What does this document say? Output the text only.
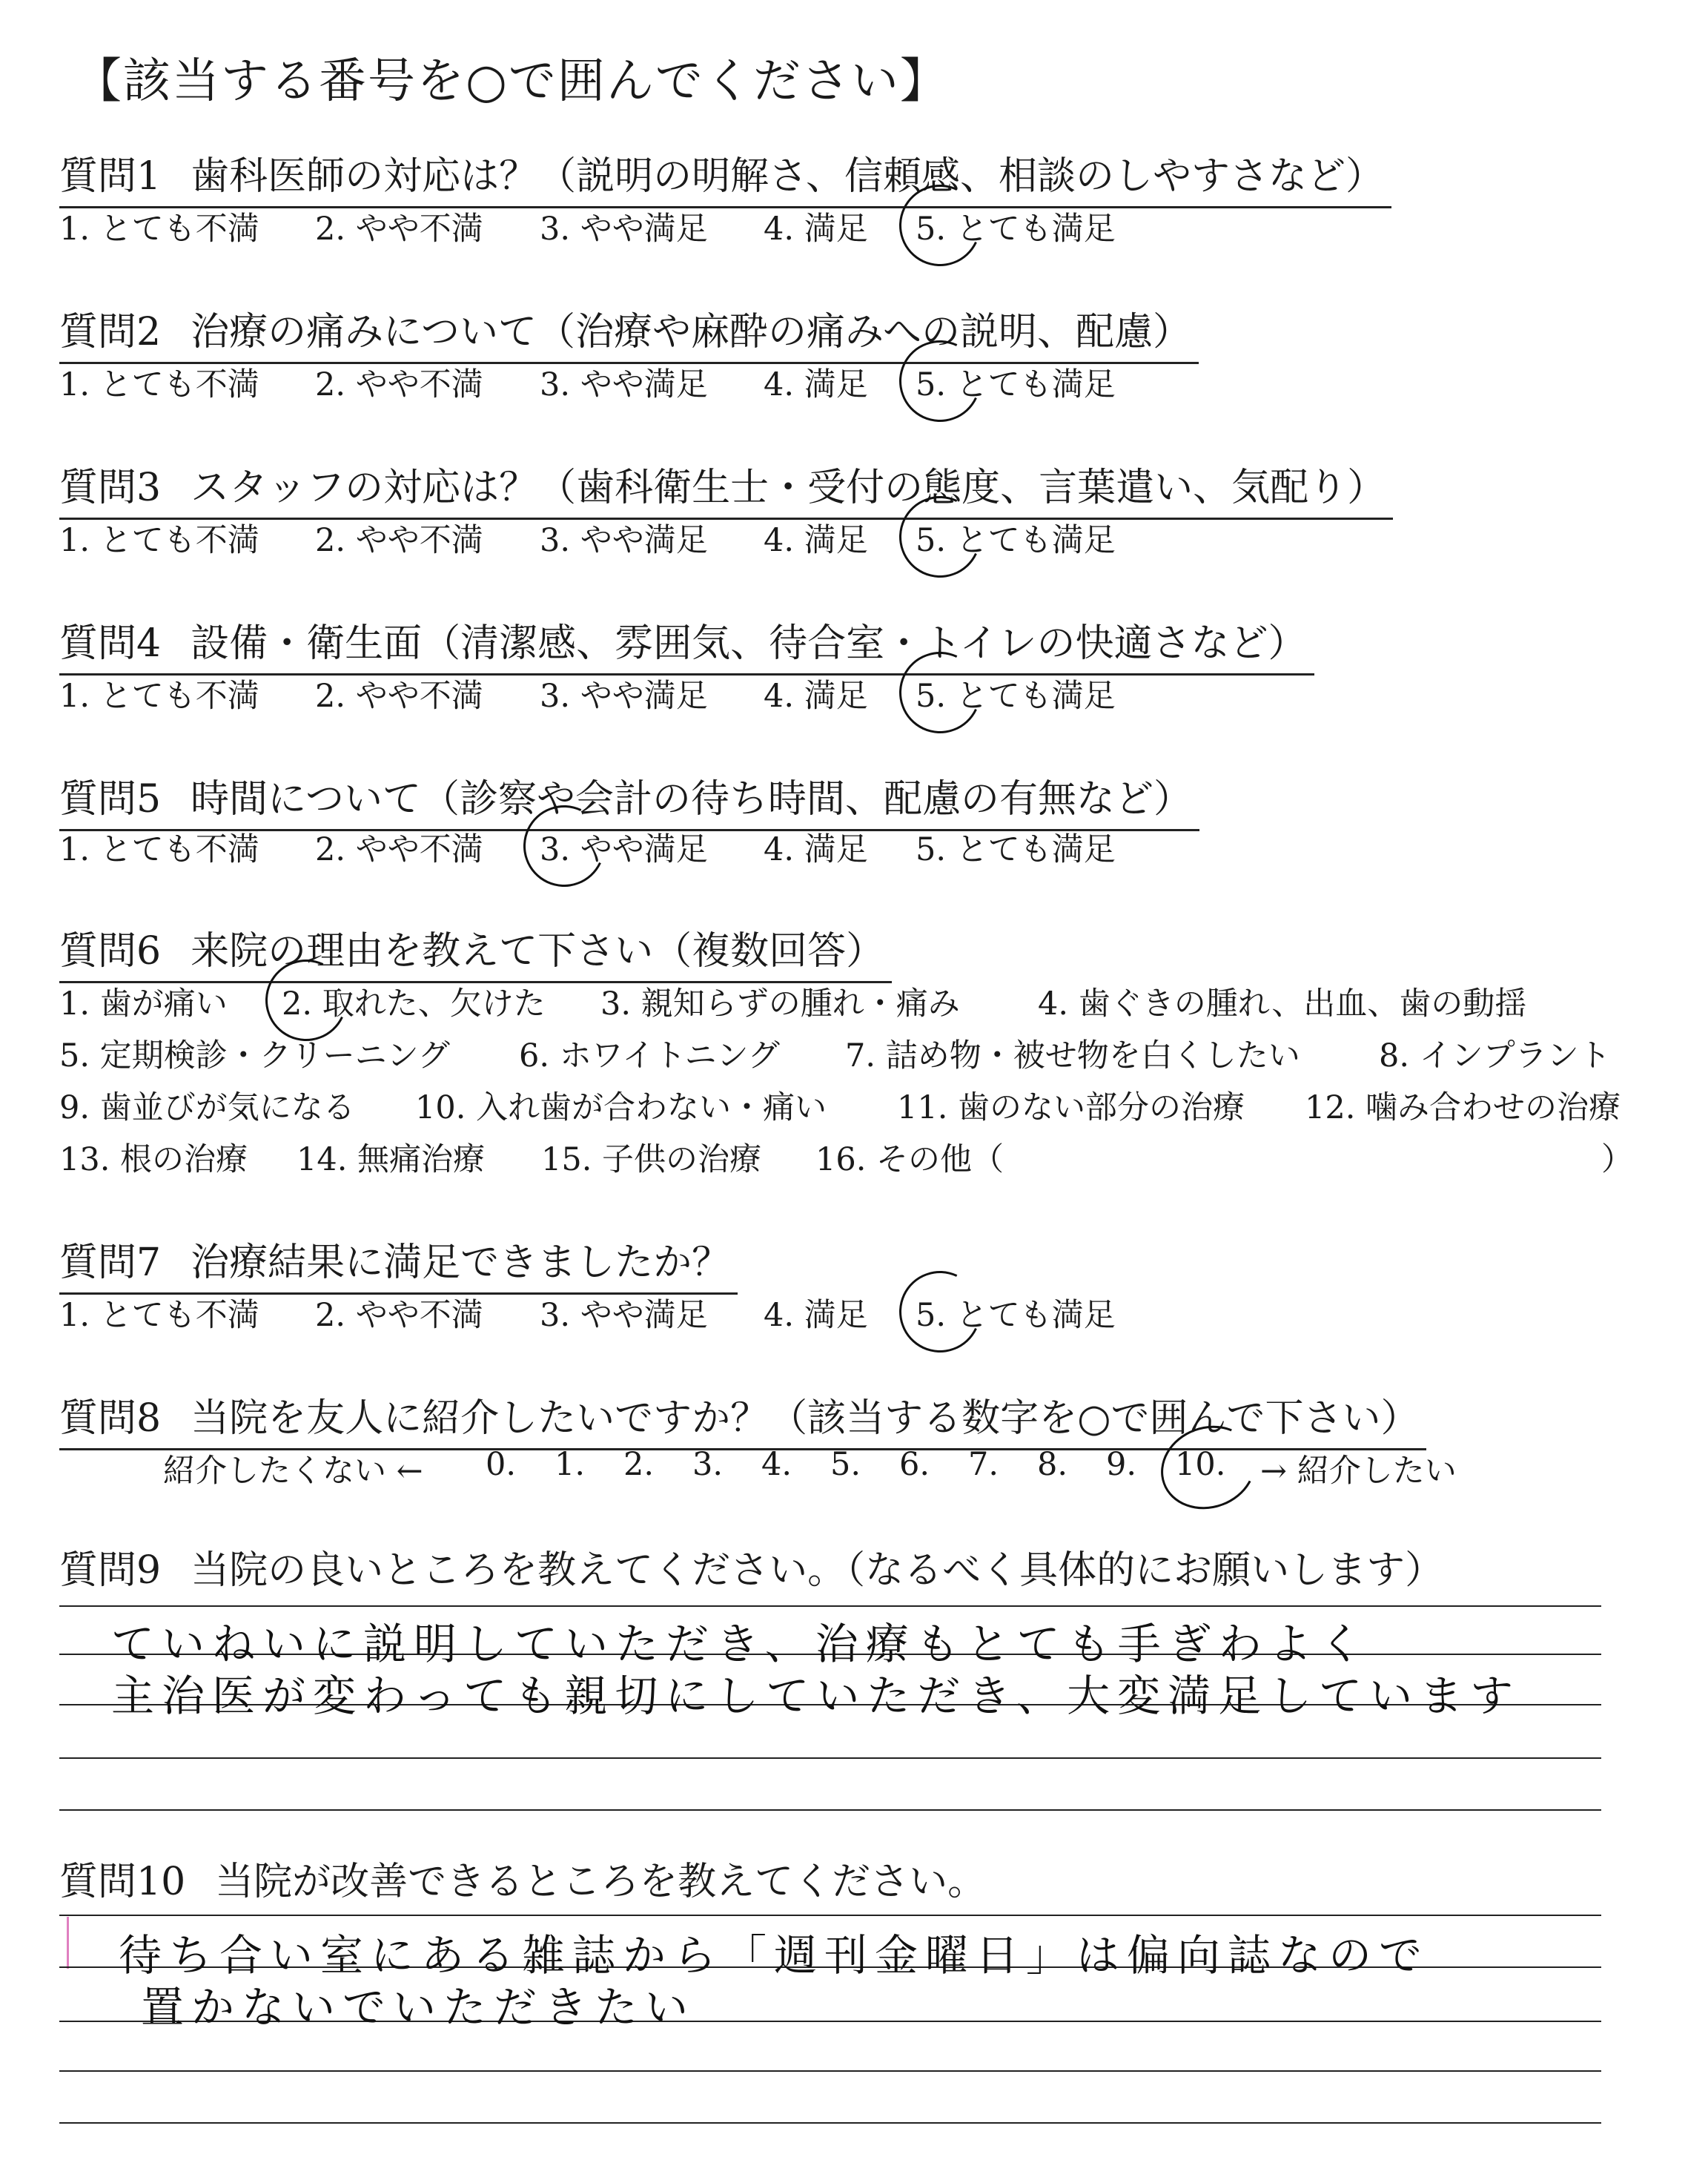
【該当する番号を○で囲んでください】
質問1 歯科医師の対応は？（説明の明解さ、信頼感、相談のしやすさなど）
1. とても不満 2. やや不満 3. やや満足 4. 満足 5. とても満足
質問2 治療の痛みについて（治療や麻酔の痛みへの説明、配慮）
1. とても不満 2. やや不満 3. やや満足 4. 満足 5. とても満足
質問3 スタッフの対応は？（歯科衛生士・受付の態度、言葉遣い、気配り）
1. とても不満 2. やや不満 3. やや満足 4. 満足 5. とても満足
質問4 設備・衛生面（清潔感、雰囲気、待合室・トイレの快適さなど）
1. とても不満 2. やや不満 3. やや満足 4. 満足 5. とても満足
質問5 時間について（診察や会計の待ち時間、配慮の有無など）
1. とても不満 2. やや不満 3. やや満足 4. 満足 5. とても満足
質問6 来院の理由を教えて下さい（複数回答）
1. 歯が痛い 2. 取れた、欠けた 3. 親知らずの腫れ・痛み 4. 歯ぐきの腫れ、出血、歯の動揺
5. 定期検診・クリーニング 6. ホワイトニング 7. 詰め物・被せ物を白くしたい 8. インプラント
9. 歯並びが気になる 10. 入れ歯が合わない・痛い 11. 歯のない部分の治療 12. 噛み合わせの治療
13. 根の治療 14. 無痛治療 15. 子供の治療 16. その他（	）
質問7 治療結果に満足できましたか？
1. とても不満 2. やや不満 3. やや満足 4. 満足 5. とても満足
質問8 当院を友人に紹介したいですか？（該当する数字を○で囲んで下さい）
紹介したくない ← 0. 1. 2. 3. 4. 5. 6. 7. 8. 9. 10. → 紹介したい
質問9 当院の良いところを教えてください。（なるべく具体的にお願いします）
ていねいに説明していただき、治療もとても手ぎわよく
主治医が変わっても親切にしていただき、大変満足しています
質問10 当院が改善できるところを教えてください。
待ち合い室にある雑誌から「週刊金曜日」は偏向誌なので
置かないでいただきたい
